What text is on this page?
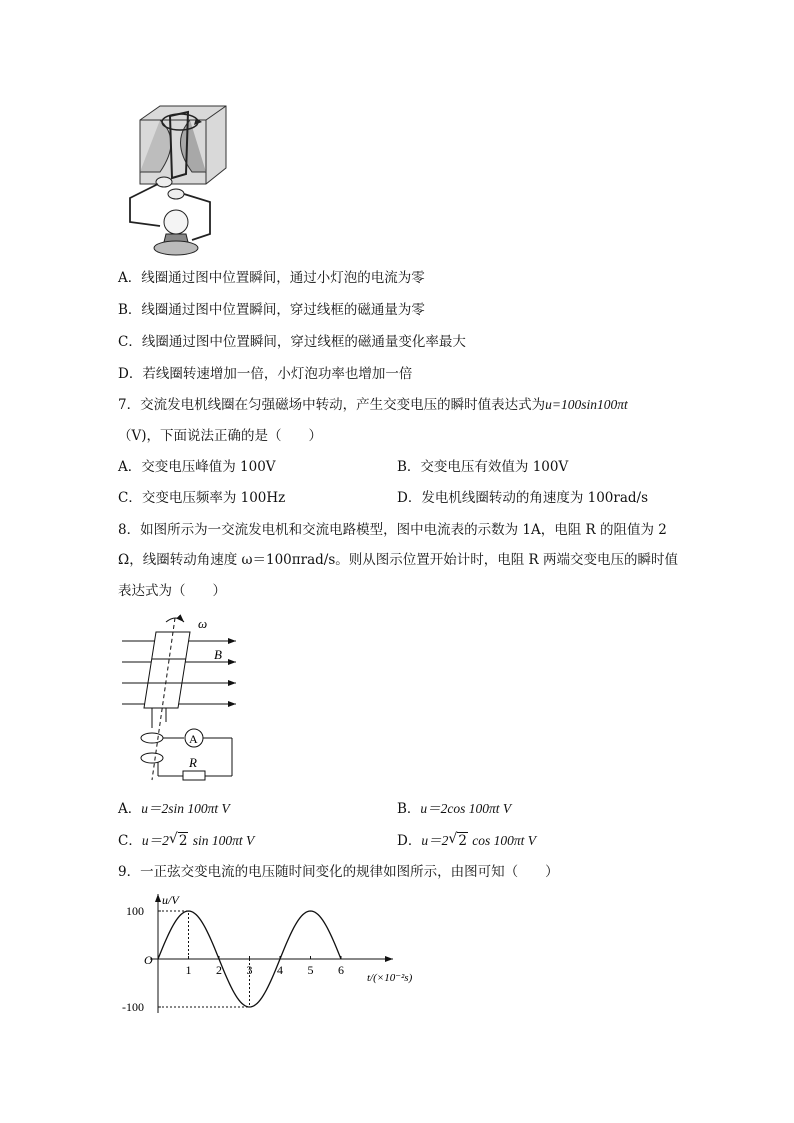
A．线圈通过图中位置瞬间，通过小灯泡的电流为零
B．线圈通过图中位置瞬间，穿过线框的磁通量为零
C．线圈通过图中位置瞬间，穿过线框的磁通量变化率最大
D．若线圈转速增加一倍，小灯泡功率也增加一倍
7．交流发电机线圈在匀强磁场中转动，产生交变电压的瞬时值表达式为u=100sin100πt
（V)，下面说法正确的是（　　）
A．交变电压峰值为 100V	B．交变电压有效值为 100V
C．交变电压频率为 100Hz	D．发电机线圈转动的角速度为 100rad/s
8．如图所示为一交流发电机和交流电路模型，图中电流表的示数为 1A，电阻 R 的阻值为 2
Ω，线圈转动角速度 ω＝100πrad/s。则从图示位置开始计时，电阻 R 两端交变电压的瞬时值
表达式为（　　）
ω
B
A
R
A．u＝2sin 100πt V	B．u＝2cos 100πt V
C．u＝2 √ 2 sin 100πt V	D．u＝2 √ 2 cos 100πt V
9．一正弦交变电流的电压随时间变化的规律如图所示，由图可知（　　）
u/V
t/(×10⁻²s)
O
1 2 3 4 5 6
100
-100
